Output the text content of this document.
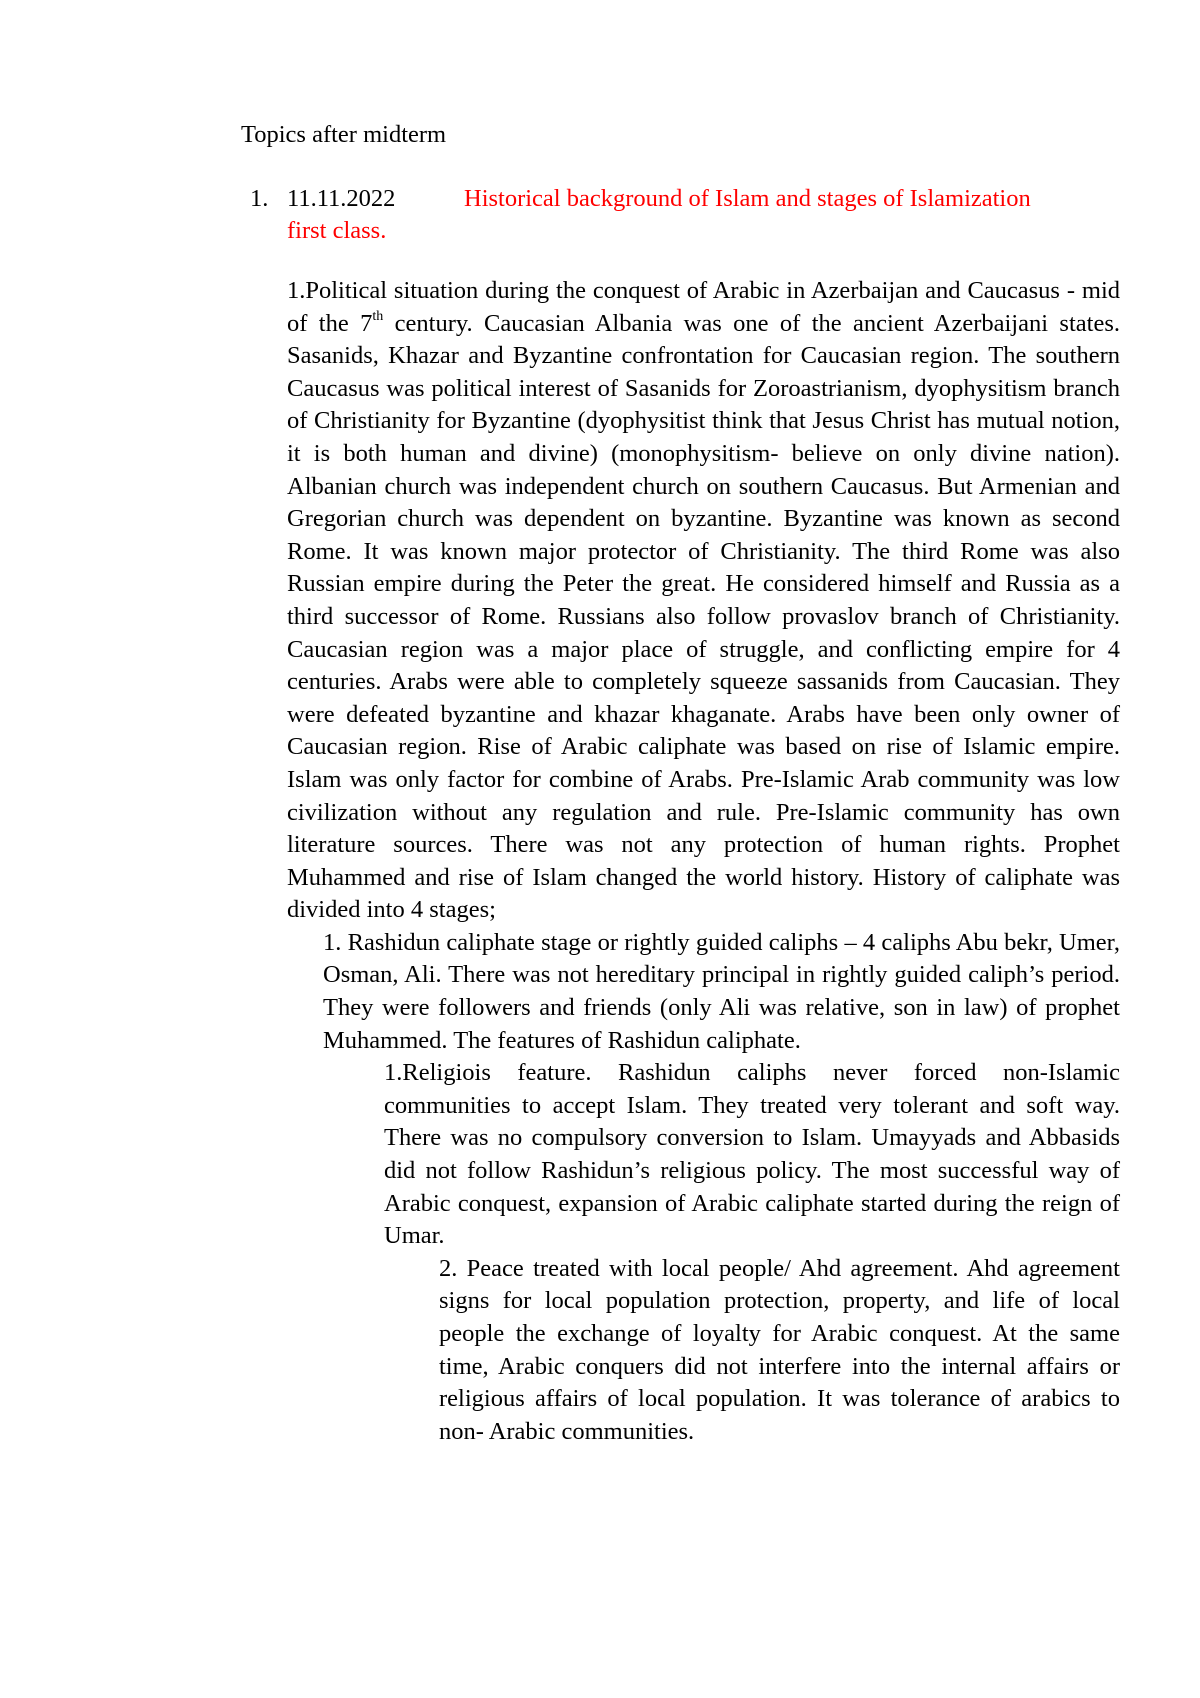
Topics after midterm
1. 11.11.2022	Historical background of Islam and stages of Islamization
first class.

1.Political situation during the conquest of Arabic in Azerbaijan and Caucasus - mid of the 7th century. Caucasian Albania was one of the ancient Azerbaijani states. Sasanids, Khazar and Byzantine confrontation for Caucasian region. The southern Caucasus was political interest of Sasanids for Zoroastrianism, dyophysitism branch of Christianity for Byzantine (dyophysitist think that Jesus Christ has mutual notion, it is both human and divine) (monophysitism- believe on only divine nation). Albanian church was independent church on southern Caucasus. But Armenian and Gregorian church was dependent on byzantine. Byzantine was known as second Rome. It was known major protector of Christianity. The third Rome was also Russian empire during the Peter the great. He considered himself and Russia as a third successor of Rome. Russians also follow provaslov branch of Christianity. Caucasian region was a major place of struggle, and conflicting empire for 4 centuries. Arabs were able to completely squeeze sassanids from Caucasian. They were defeated byzantine and khazar khaganate. Arabs have been only owner of Caucasian region. Rise of Arabic caliphate was based on rise of Islamic empire. Islam was only factor for combine of Arabs. Pre-Islamic Arab community was low civilization without any regulation and rule. Pre-Islamic community has own literature sources. There was not any protection of human rights. Prophet Muhammed and rise of Islam changed the world history. History of caliphate was divided into 4 stages;

1. Rashidun caliphate stage or rightly guided caliphs – 4 caliphs Abu bekr, Umer, Osman, Ali. There was not hereditary principal in rightly guided caliph’s period. They were followers and friends (only Ali was relative, son in law) of prophet Muhammed. The features of Rashidun caliphate.

1.Religiois feature. Rashidun caliphs never forced non-Islamic communities to accept Islam. They treated very tolerant and soft way. There was no compulsory conversion to Islam. Umayyads and Abbasids did not follow Rashidun’s religious policy. The most successful way of Arabic conquest, expansion of Arabic caliphate started during the reign of Umar.

2. Peace treated with local people/ Ahd agreement. Ahd agreement signs for local population protection, property, and life of local people the exchange of loyalty for Arabic conquest. At the same time, Arabic conquers did not interfere into the internal affairs or religious affairs of local population. It was tolerance of arabics to non- Arabic communities.
